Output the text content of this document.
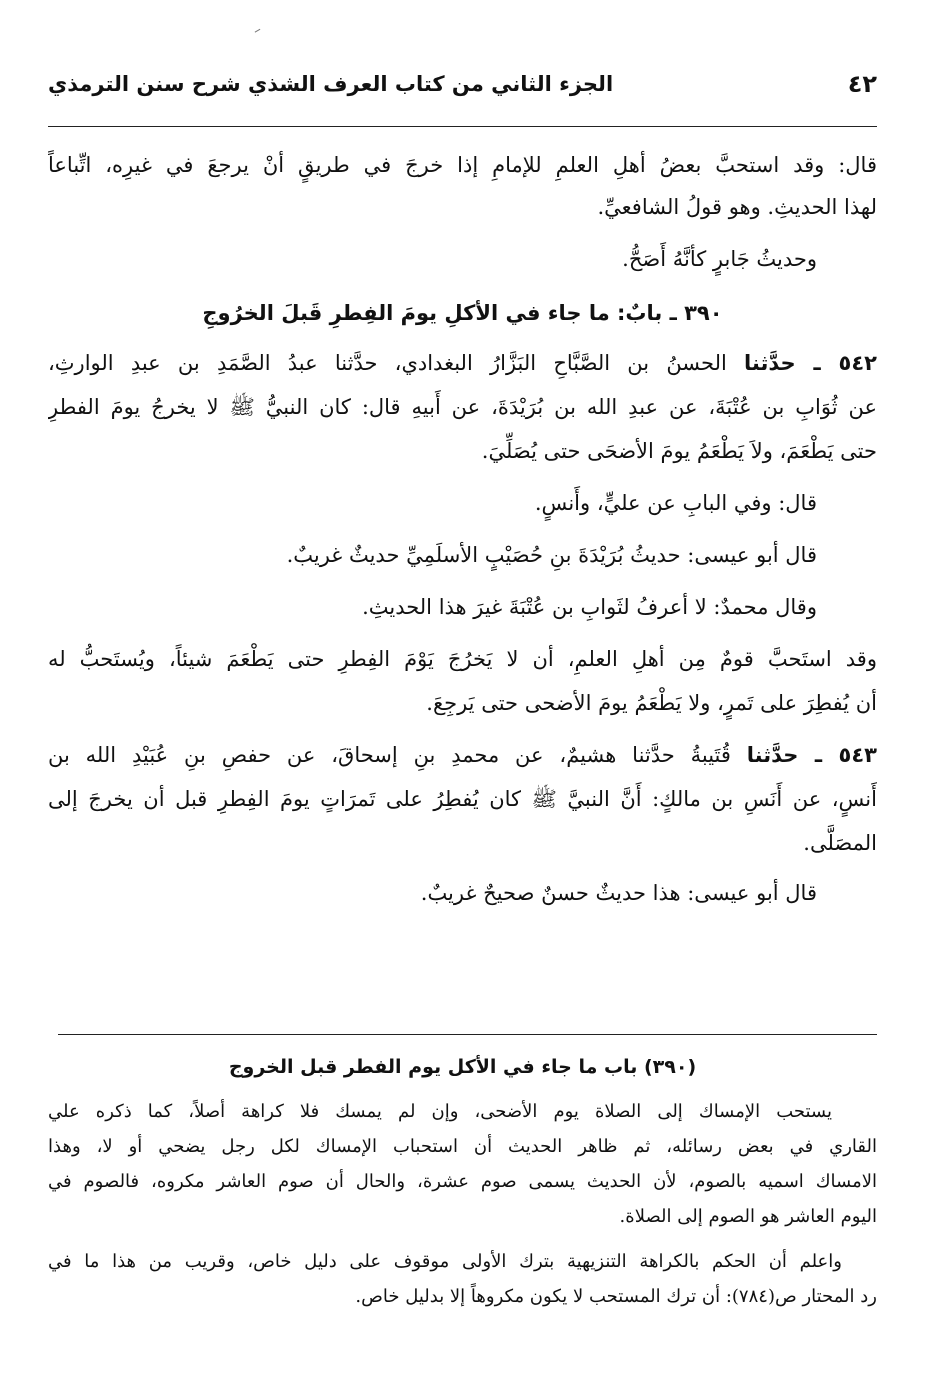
الجزء الثاني من كتاب العرف الشذي شرح سنن الترمذي	٤٢
قال: وقد استحبَّ بعضُ أهلِ العلمِ للإمامِ إذا خرجَ في طريقٍ أنْ يرجعَ في غيرِه، اتِّباعاً
لهذا الحديثِ. وهو قولُ الشافعيِّ.
وحديثُ جَابرٍ كأنَّهُ أَصَحُّ.
٣٩٠ ـ بابٌ: ما جاء في الأكلِ يومَ الفِطرِ قَبلَ الخرُوجِ
٥٤٢ ـ حدَّثنا الحسنُ بن الصَّبَّاحِ البَزَّارُ البغدادي، حدَّثنا عبدُ الصَّمَدِ بن عبدِ الوارثِ،
عن ثُوَابِ بن عُتْبَةَ، عن عبدِ الله بن بُرَيْدَةَ، عن أَبيهِ قال: كان النبيُّ ﷺ لا يخرجُ يومَ الفطرِ
حتى يَطْعَمَ، ولاَ يَطْعَمُ يومَ الأضحَى حتى يُصَلِّيَ.
قال: وفي البابِ عن عليٍّ، وأَنسٍ.
قال أبو عيسى: حديثُ بُرَيْدَةَ بنِ حُصَيْبٍ الأسلَمِيِّ حديثٌ غريبٌ.
وقال محمدٌ: لا أعرفُ لثَوابِ بن عُتْبَةَ غيرَ هذا الحديثِ.
وقد استَحبَّ قومٌ مِن أهلِ العلمِ، أن لا يَخرُجَ يَوْمَ الفِطرِ حتى يَطْعَمَ شيئاً، ويُستَحبُّ له
أن يُفطِرَ على تَمرٍ، ولا يَطْعَمُ يومَ الأضحى حتى يَرجِعَ.
٥٤٣ ـ حدَّثنا قُتَيبةُ حدَّثنا هشيمٌ، عن محمدِ بنِ إسحاقَ، عن حفصِ بنِ عُبَيْدِ الله بن
أَنسٍ، عن أَنَسِ بن مالكٍ: أَنَّ النبيَّ ﷺ كان يُفطِرُ على تَمرَاتٍ يومَ الفِطرِ قبل أن يخرجَ إلى
المصَلَّى.
قال أبو عيسى: هذا حديثٌ حسنٌ صحيحٌ غريبٌ.
(٣٩٠) باب ما جاء في الأكل يوم الفطر قبل الخروج
يستحب الإمساك إلى الصلاة يوم الأضحى، وإن لم يمسك فلا كراهة أصلاً، كما ذكره علي
القاري في بعض رسائله، ثم ظاهر الحديث أن استحباب الإمساك لكل رجل يضحي أو لا، وهذا
الامساك اسميه بالصوم، لأن الحديث يسمى صوم عشرة، والحال أن صوم العاشر مكروه، فالصوم في
اليوم العاشر هو الصوم إلى الصلاة.
واعلم أن الحكم بالكراهة التنزيهية بترك الأولى موقوف على دليل خاص، وقريب من هذا ما في
رد المحتار ص(٧٨٤): أن ترك المستحب لا يكون مكروهاً إلا بدليل خاص.
